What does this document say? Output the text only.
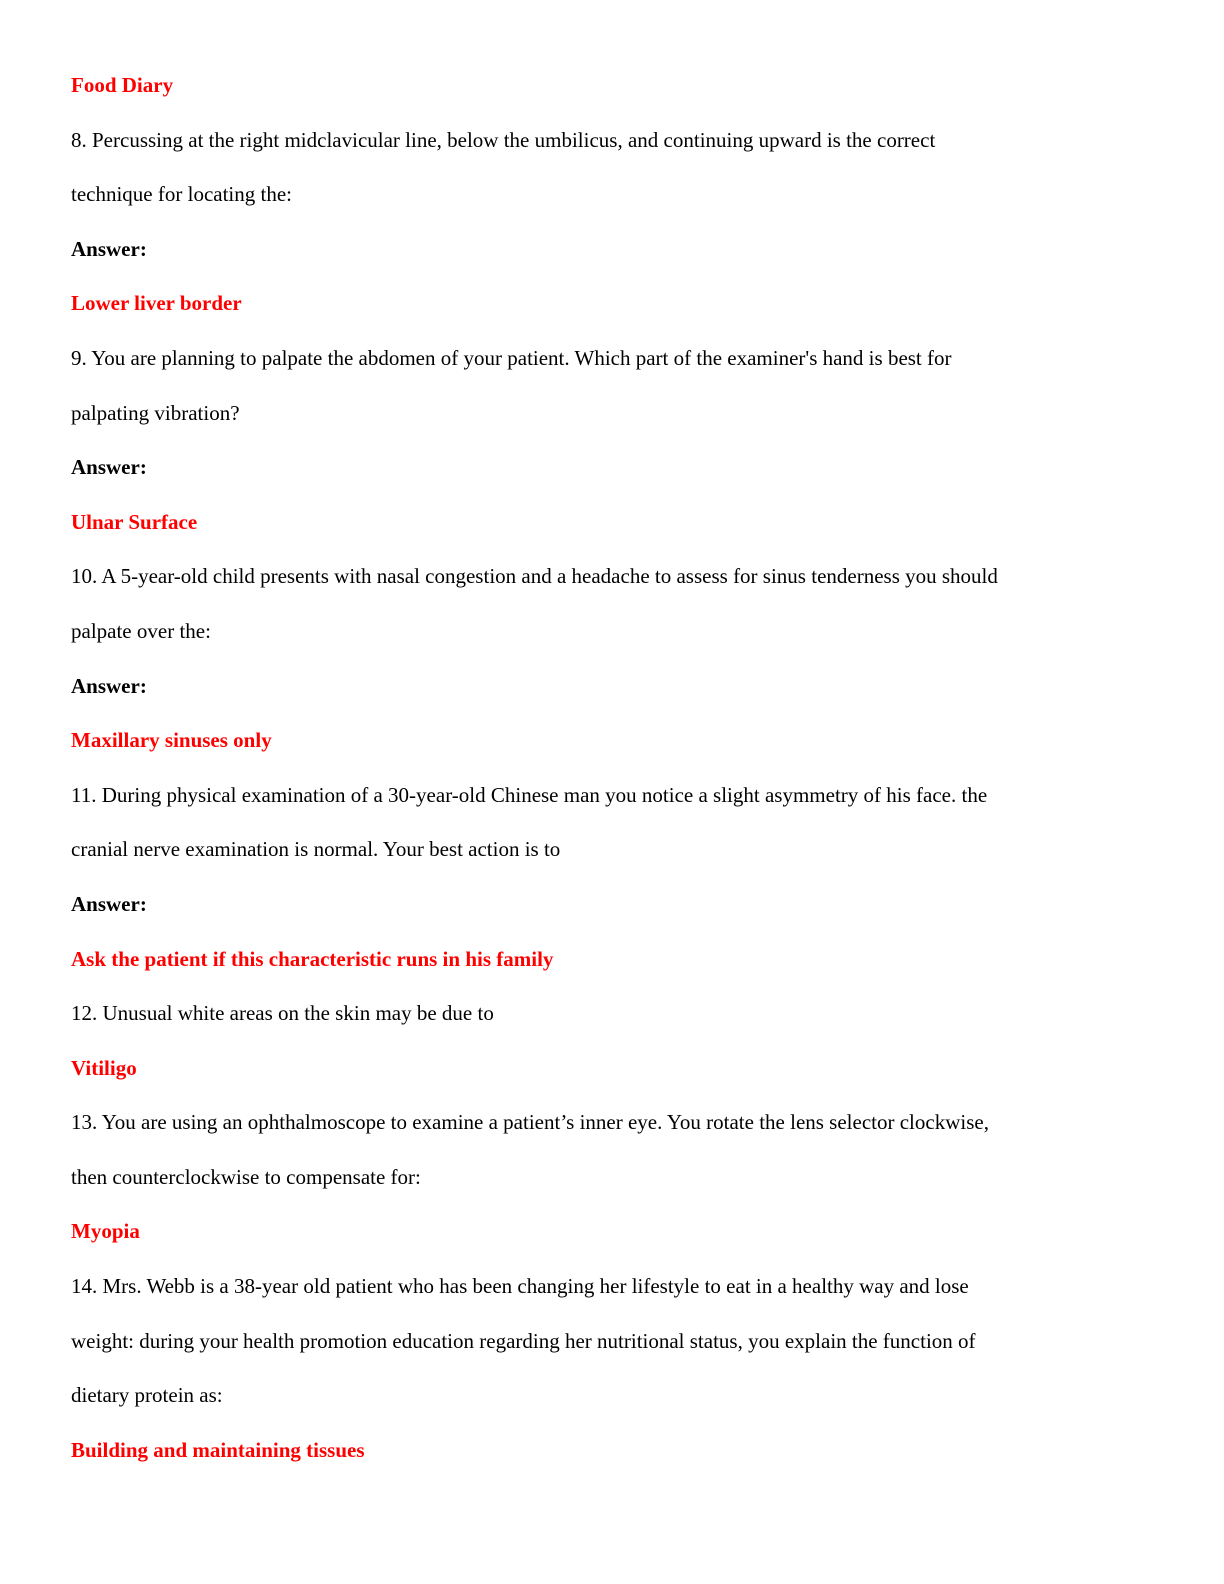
Food Diary

8. Percussing at the right midclavicular line, below the umbilicus, and continuing upward is the correct

technique for locating the:

Answer:

Lower liver border

9. You are planning to palpate the abdomen of your patient. Which part of the examiner's hand is best for

palpating vibration?

Answer:

Ulnar Surface

10. A 5-year-old child presents with nasal congestion and a headache to assess for sinus tenderness you should

palpate over the:

Answer:

Maxillary sinuses only

11. During physical examination of a 30-year-old Chinese man you notice a slight asymmetry of his face. the

cranial nerve examination is normal. Your best action is to

Answer:

Ask the patient if this characteristic runs in his family

12. Unusual white areas on the skin may be due to

Vitiligo

13. You are using an ophthalmoscope to examine a patient’s inner eye. You rotate the lens selector clockwise,

then counterclockwise to compensate for:

Myopia

14. Mrs. Webb is a 38-year old patient who has been changing her lifestyle to eat in a healthy way and lose

weight: during your health promotion education regarding her nutritional status, you explain the function of

dietary protein as:

Building and maintaining tissues
